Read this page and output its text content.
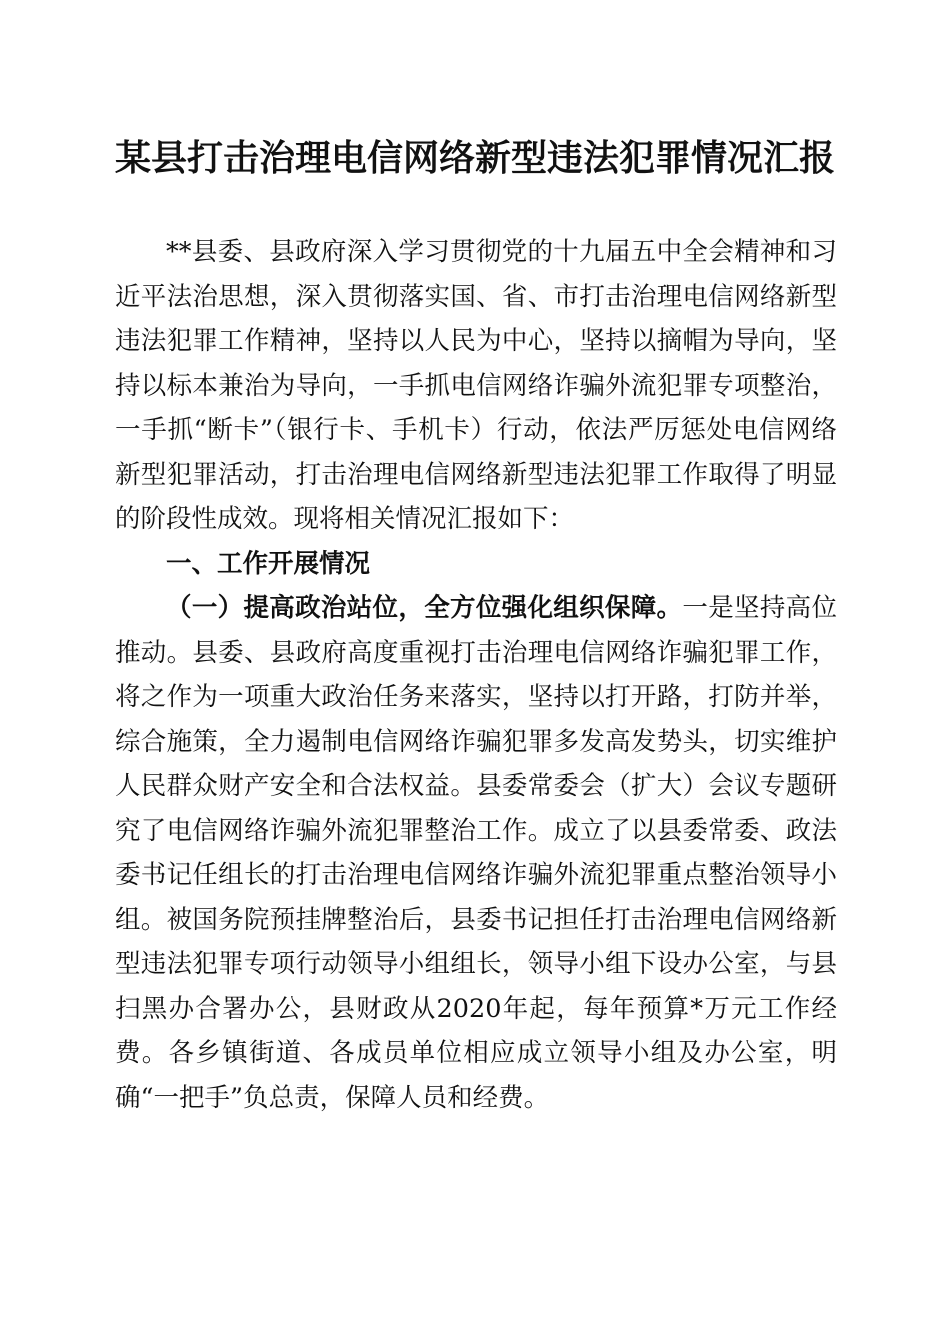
某县打击治理电信网络新型违法犯罪情况汇报

**县委、县政府深入学习贯彻党的十九届五中全会精神和习近平法治思想，深入贯彻落实国、省、市打击治理电信网络新型违法犯罪工作精神，坚持以人民为中心，坚持以摘帽为导向，坚持以标本兼治为导向，一手抓电信网络诈骗外流犯罪专项整治，一手抓“断卡”（银行卡、手机卡）行动，依法严厉惩处电信网络新型犯罪活动，打击治理电信网络新型违法犯罪工作取得了明显的阶段性成效。现将相关情况汇报如下：

一、工作开展情况

（一）提高政治站位，全方位强化组织保障。一是坚持高位推动。县委、县政府高度重视打击治理电信网络诈骗犯罪工作，将之作为一项重大政治任务来落实，坚持以打开路，打防并举，综合施策，全力遏制电信网络诈骗犯罪多发高发势头，切实维护人民群众财产安全和合法权益。县委常委会（扩大）会议专题研究了电信网络诈骗外流犯罪整治工作。成立了以县委常委、政法委书记任组长的打击治理电信网络诈骗外流犯罪重点整治领导小组。被国务院预挂牌整治后，县委书记担任打击治理电信网络新型违法犯罪专项行动领导小组组长，领导小组下设办公室，与县扫黑办合署办公，县财政从2020年起，每年预算*万元工作经费。各乡镇街道、各成员单位相应成立领导小组及办公室，明确“一把手”负总责，保障人员和经费。
